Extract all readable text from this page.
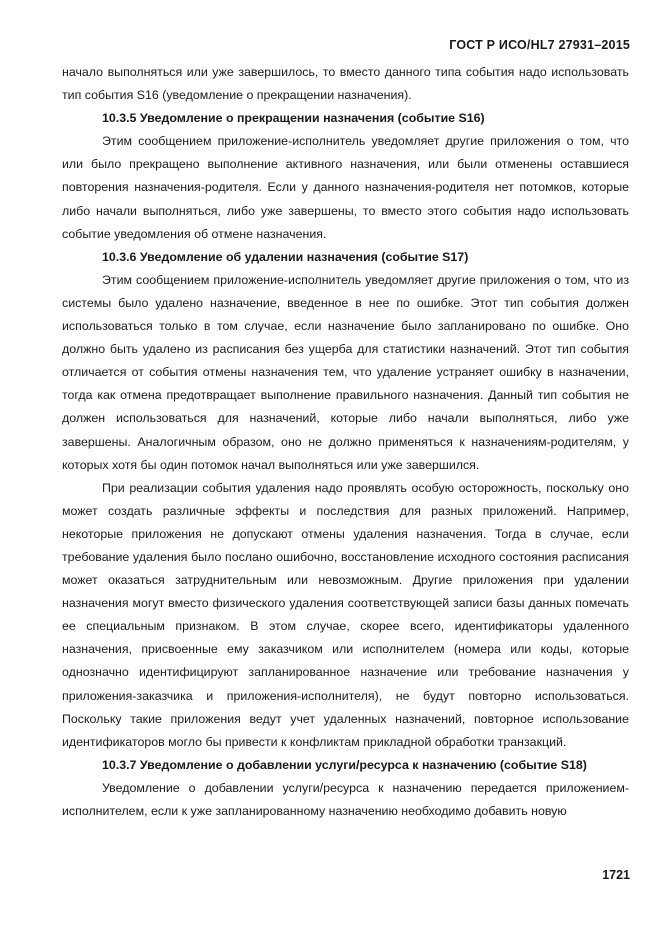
ГОСТ Р ИСО/HL7 27931–2015

начало выполняться или уже завершилось, то вместо данного типа события надо использовать тип события S16 (уведомление о прекращении назначения).

10.3.5 Уведомление о прекращении назначения (событие S16)

Этим сообщением приложение-исполнитель уведомляет другие приложения о том, что или было прекращено выполнение активного назначения, или были отменены оставшиеся повторения назначения-родителя. Если у данного назначения-родителя нет потомков, которые либо начали выполняться, либо уже завершены, то вместо этого события надо использовать событие уведомления об отмене назначения.

10.3.6 Уведомление об удалении назначения (событие S17)

Этим сообщением приложение-исполнитель уведомляет другие приложения о том, что из системы было удалено назначение, введенное в нее по ошибке. Этот тип события должен использоваться только в том случае, если назначение было запланировано по ошибке. Оно должно быть удалено из расписания без ущерба для статистики назначений. Этот тип события отличается от события отмены назначения тем, что удаление устраняет ошибку в назначении, тогда как отмена предотвращает выполнение правильного назначения. Данный тип события не должен использоваться для назначений, которые либо начали выполняться, либо уже завершены. Аналогичным образом, оно не должно применяться к назначениям-родителям, у которых хотя бы один потомок начал выполняться или уже завершился.

При реализации события удаления надо проявлять особую осторожность, поскольку оно может создать различные эффекты и последствия для разных приложений. Например, некоторые приложения не допускают отмены удаления назначения. Тогда в случае, если требование удаления было послано ошибочно, восстановление исходного состояния расписания может оказаться затруднительным или невозможным. Другие приложения при удалении назначения могут вместо физического удаления соответствующей записи базы данных помечать ее специальным признаком. В этом случае, скорее всего, идентификаторы удаленного назначения, присвоенные ему заказчиком или исполнителем (номера или коды, которые однозначно идентифицируют запланированное назначение или требование назначения у приложения-заказчика и приложения-исполнителя), не будут повторно использоваться. Поскольку такие приложения ведут учет удаленных назначений, повторное использование идентификаторов могло бы привести к конфликтам прикладной обработки транзакций.

10.3.7 Уведомление о добавлении услуги/ресурса к назначению (событие S18)

Уведомление о добавлении услуги/ресурса к назначению передается приложением-исполнителем, если к уже запланированному назначению необходимо добавить новую

1721
